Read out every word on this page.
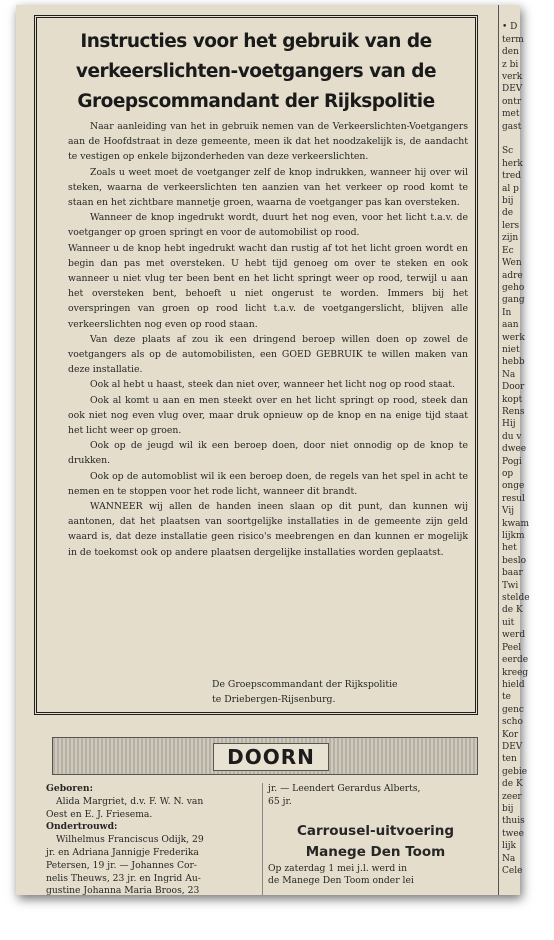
Instructies voor het gebruik van de verkeerslichten-voetgangers van de Groepscommandant der Rijkspolitie

Naar aanleiding van het in gebruik nemen van de Verkeerslichten-Voetgangers aan de Hoofdstraat in deze gemeente, meen ik dat het noodzakelijk is, de aandacht te vestigen op enkele bijzonderheden van deze verkeerslichten.

Zoals u weet moet de voetganger zelf de knop indrukken, wanneer hij over wil steken, waarna de verkeerslichten ten aanzien van het verkeer op rood komt te staan en het zichtbare mannetje groen, waarna de voetganger pas kan oversteken.

Wanneer de knop ingedrukt wordt, duurt het nog even, voor het licht t.a.v. de voetganger op groen springt en voor de automobilist op rood.

Wanneer u de knop hebt ingedrukt wacht dan rustig af tot het licht groen wordt en begin dan pas met oversteken. U hebt tijd genoeg om over te steken en ook wanneer u niet vlug ter been bent en het licht springt weer op rood, terwijl u aan het oversteken bent, behoeft u niet ongerust te worden. Immers bij het overspringen van groen op rood licht t.a.v. de voetgangerslicht, blijven alle verkeerslichten nog even op rood staan.

Van deze plaats af zou ik een dringend beroep willen doen op zowel de voetgangers als op de automobilisten, een GOED GEBRUIK te willen maken van deze installatie.

Ook al hebt u haast, steek dan niet over, wanneer het licht nog op rood staat.

Ook al komt u aan en men steekt over en het licht springt op rood, steek dan ook niet nog even vlug over, maar druk opnieuw op de knop en na enige tijd staat het licht weer op groen.

Ook op de jeugd wil ik een beroep doen, door niet onnodig op de knop te drukken.

Ook op de automoblist wil ik een beroep doen, de regels van het spel in acht te nemen en te stoppen voor het rode licht, wanneer dit brandt.

WANNEER wij allen de handen ineen slaan op dit punt, dan kunnen wij aantonen, dat het plaatsen van soortgelijke installaties in de gemeente zijn geld waard is, dat deze installatie geen risico's meebrengen en dan kunnen er mogelijk in de toekomst ook op andere plaatsen dergelijke installaties worden geplaatst.

De Groepscommandant der Rijkspolitie
te Driebergen-Rijsenburg.
DOORN
Geboren:
Alida Margriet, d.v. F. W. N. van
Oest en E. J. Friesema.
Ondertrouwd:
Wilhelmus Franciscus Odijk, 29
jr. en Adriana Jannigje Frederika
Petersen, 19 jr. — Johannes Cor-
nelis Theuws, 23 jr. en Ingrid Au-
gustine Johanna Maria Broos, 23
jr. — Leendert Gerardus Alberts,
65 jr.
Carrousel-uitvoering
Manege Den Toom
Op zaterdag 1 mei j.l. werd in
de Manege Den Toom onder lei
• D
term
den
z bi
verk
DEV
ontr
met
gast
Sc
herk
tred
al p
bij
de
lers
zijn
Ec
Wen
adre
geho
gang
In
aan
werk
niet
hebb
Na
Door
kopt
Rens
Hij
du v
dwee
Pogi
op
onge
resul
Vij
kwam
lijkm
het
beslo
baar
Twi
stelde
de K
uit
werd
Peel
eerde
kreeg
hield
te
genc
scho
Kor
DEV
ten
gebie
de K
zeer
bij
thuis
twee
lijk
Na
Cele
